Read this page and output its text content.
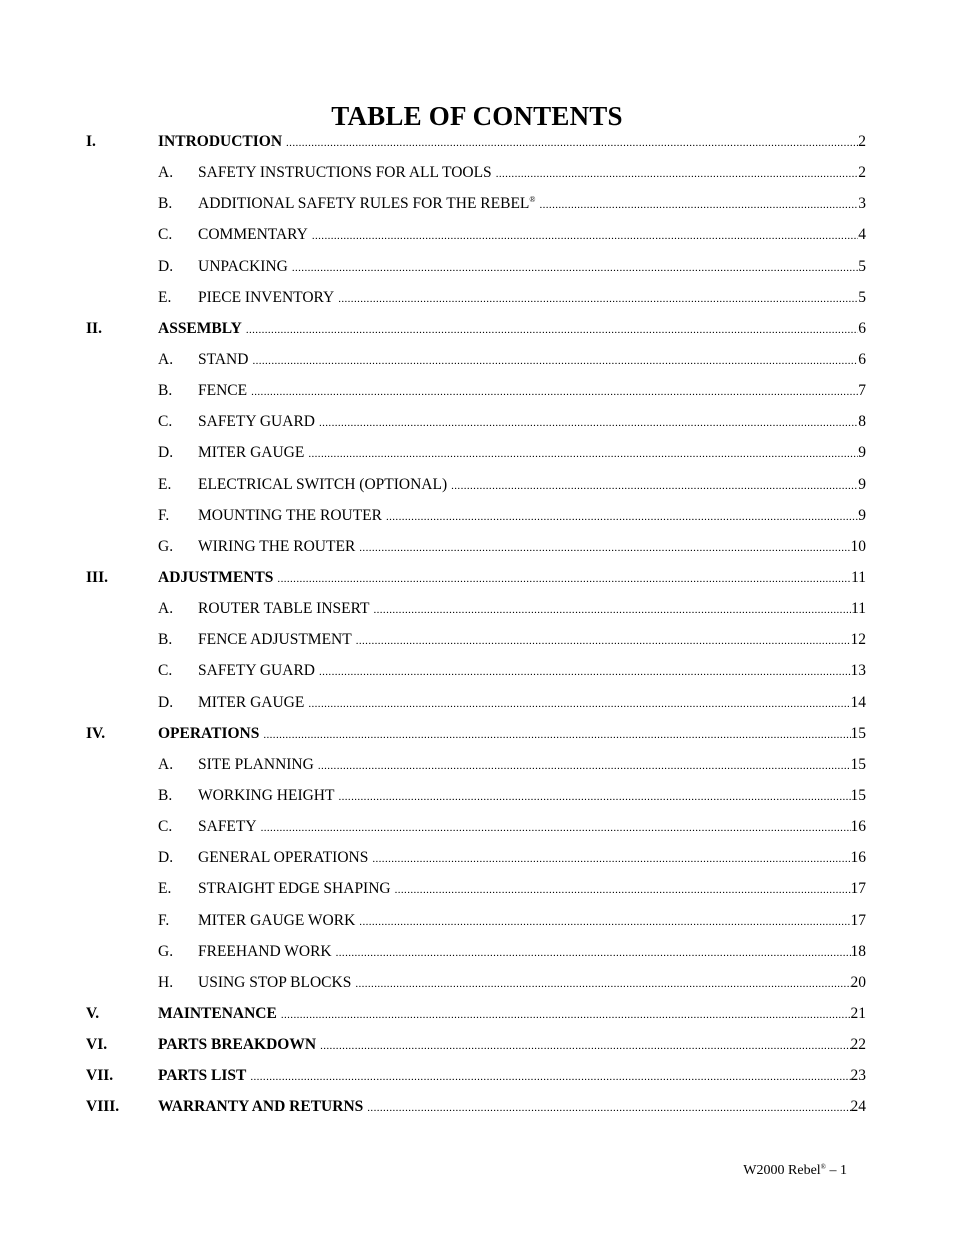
TABLE OF CONTENTS
I.	INTRODUCTION .....	2
A. SAFETY INSTRUCTIONS FOR ALL TOOLS .....	2
B. ADDITIONAL SAFETY RULES FOR THE REBEL® .....	3
C. COMMENTARY .....	4
D. UNPACKING .....	5
E. PIECE INVENTORY .....	5
II.	ASSEMBLY .....	6
A. STAND .....	6
B. FENCE .....	7
C. SAFETY GUARD .....	8
D. MITER GAUGE .....	9
E. ELECTRICAL SWITCH (OPTIONAL) .....	9
F. MOUNTING THE ROUTER .....	9
G. WIRING THE ROUTER .....	10
III.	ADJUSTMENTS .....	11
A. ROUTER TABLE INSERT .....	11
B. FENCE ADJUSTMENT .....	12
C. SAFETY GUARD .....	13
D. MITER GAUGE .....	14
IV.	OPERATIONS .....	15
A. SITE PLANNING .....	15
B. WORKING HEIGHT .....	15
C. SAFETY .....	16
D. GENERAL OPERATIONS .....	16
E. STRAIGHT EDGE SHAPING .....	17
F. MITER GAUGE WORK .....	17
G. FREEHAND WORK .....	18
H. USING STOP BLOCKS .....	20
V.	MAINTENANCE .....	21
VI.	PARTS BREAKDOWN .....	22
VII.	PARTS LIST .....	23
VIII.	WARRANTY AND RETURNS .....	24
W2000 Rebel® – 1
